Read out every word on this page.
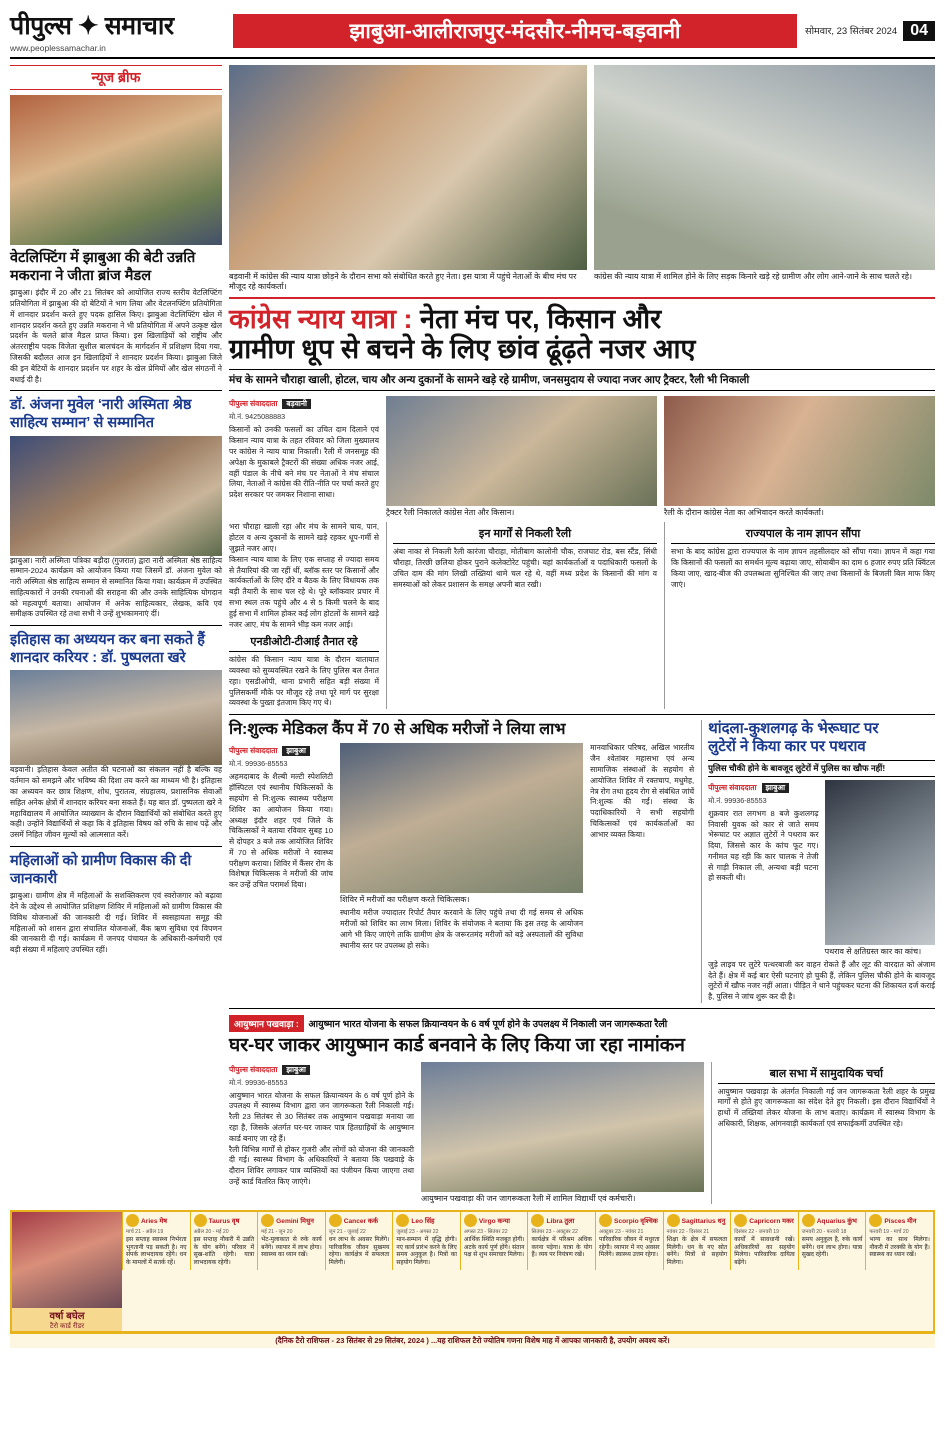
पीपुल्स ✦ समाचार
www.peoplessamachar.in
झाबुआ-आलीराजपुर-मंदसौर-नीमच-बड़वानी	सोमवार, 23 सितंबर 2024 04
न्यूज ब्रीफ
वेटलिफ्टिंग में झाबुआ की बेटी उन्नति मकराना ने जीता ब्रांज मैडल
झाबुआ। इंदौर में 20 और 21 सितंबर को आयोजित राज्य स्तरीय वेटलिफ्टिंग प्रतियोगिता में झाबुआ की दो बेटियों ने भाग लिया और वेटलनफ्टिंग प्रतियोगिता में शानदार प्रदर्शन करते हुए पदक हासिल किए। झाबुआ वेटलिफ्टिंग खेल में शानदार प्रदर्शन करते हुए उन्नति मकराना ने भी प्रतियोगिता में अपने उत्कृष्ट खेल प्रदर्शन के चलते ब्रांज मैडल प्राप्त किया। इस खिलाड़ियों को राष्ट्रीय और अंतरराष्ट्रीय पदक विजेता सुशील बालचंदन के मार्गदर्शन में प्रशिक्षण दिया गया, जिसकी बदौलत आज इन खिलाड़ियों ने शानदार प्रदर्शन किया। झाबुआ जिले की इन बेटियों के शानदार प्रदर्शन पर शहर के खेल प्रेमियों और खेल संगठनों ने बधाई दी है।
डॉ. अंजना मुवेल ‘नारी अस्मिता श्रेष्ठ साहित्य सम्मान’ से सम्मानित
झाबुआ। नारी अस्मिता पत्रिका बड़ौदा (गुजरात) द्वारा नारी अस्मिता श्रेष्ठ साहित्य सम्मान-2024 कार्यक्रम को आयोजन किया गया जिसमें डॉ. अंजना मुवेल को नारी अस्मिता श्रेष्ठ साहित्य सम्मान से सम्मानित किया गया। कार्यक्रम में उपस्थित साहित्यकारों ने उनकी रचनाओं की सराहना की और उनके साहित्यिक योगदान को महत्वपूर्ण बताया। आयोजन में अनेक साहित्यकार, लेखक, कवि एवं समीक्षक उपस्थित रहे तथा सभी ने उन्हें शुभकामनाएं दीं।
इतिहास का अध्ययन कर बना सकते हैं शानदार करियर : डॉ. पुष्पलता खरे
बड़वानी। इतिहास केवल अतीत की घटनाओं का संकलन नहीं है बल्कि वह वर्तमान को समझने और भविष्य की दिशा तय करने का माध्यम भी है। इतिहास का अध्ययन कर छात्र शिक्षण, शोध, पुरातत्व, संग्रहालय, प्रशासनिक सेवाओं सहित अनेक क्षेत्रों में शानदार करियर बना सकते हैं। यह बात डॉ. पुष्पलता खरे ने महाविद्यालय में आयोजित व्याख्यान के दौरान विद्यार्थियों को संबोधित करते हुए कही। उन्होंने विद्यार्थियों से कहा कि वे इतिहास विषय को रुचि के साथ पढ़ें और उसमें निहित जीवन मूल्यों को आत्मसात करें।
महिलाओं को ग्रामीण विकास की दी जानकारी
झाबुआ। ग्रामीण क्षेत्र में महिलाओं के सशक्तिकरण एवं स्वरोजगार को बढ़ावा देने के उद्देश्य से आयोजित प्रशिक्षण शिविर में महिलाओं को ग्रामीण विकास की विविध योजनाओं की जानकारी दी गई। शिविर में स्वसहायता समूह की महिलाओं को शासन द्वारा संचालित योजनाओं, बैंक ऋण सुविधा एवं विपणन की जानकारी दी गई। कार्यक्रम में जनपद पंचायत के अधिकारी-कर्मचारी एवं बड़ी संख्या में महिलाएं उपस्थित रहीं।
बड़वानी में कांग्रेस की न्याय यात्रा छोड़ने के दौरान सभा को संबोधित करते हुए नेता। इस यात्रा में पहुंचे नेताओं के बीच मंच पर मौजूद रहे कार्यकर्ता।
कांग्रेस की न्याय यात्रा में शामिल होने के लिए सड़क किनारे खड़े रहे ग्रामीण और लोग आने-जाने के साथ चलते रहे।
कांग्रेस न्याय यात्रा : नेता मंच पर, किसान और
ग्रामीण धूप से बचने के लिए छांव ढूंढ़ते नजर आए
मंच के सामने चौराहा खाली, होटल, चाय और अन्य दुकानों के सामने खड़े रहे ग्रामीण, जनसमुदाय से ज्यादा नजर आए ट्रैक्टर, रैली भी निकाली
पीपुल्स संवाददाता	बड़वानी
मो.नं. 9425088883
किसानों को उनकी फसलों का उचित दाम दिलाने एवं किसान न्याय यात्रा के तहत रविवार को जिला मुख्यालय पर कांग्रेस ने न्याय यात्रा निकाली। रैली में जनसमूह की अपेक्षा के मुकाबले ट्रैक्टरों की संख्या अधिक नजर आई, वहीं पंडाल के नीचे बने मंच पर नेताओं ने मंच संचाल लिया, नेताओं ने कांग्रेस की रीति-नीति पर चर्चा करते हुए प्रदेश सरकार पर जमकर निशाना साधा।
ट्रैक्टर रैली निकालते कांग्रेस नेता और किसान।	रैली के दौरान कांग्रेस नेता का अभिवादन करते कार्यकर्ता।
भरा चौराहा खाली रहा और मंच के सामने चाय, पान, होटल व अन्य दुकानों के सामने खड़े रहकर धूप-गर्मी से जुझते नजर आए।
किसान न्याय यात्रा के लिए एक सप्ताह से ज्यादा समय से तैयारियां की जा रहीं थीं, ब्लॉक स्तर पर किसानों और कार्यकर्ताओं के लिए दौरे व बैठक के लिए विधायक तक बड़ी तैयारी के साथ चल रहे थे। पूरे ब्लॉकवार प्रचार में सभा स्थल तक पहुंचे और 4 से 5 किमी चलने के बाद हुई सभा में शामिल होकर कई लोग होटलों के सामने खड़े नजर आए, मंच के सामने भीड़ कम नजर आई।
एनडीओटी-टीआई तैनात रहे
कांग्रेस की किसान न्याय यात्रा के दौरान यातायात व्यवस्था को सुव्यवस्थित रखने के लिए पुलिस बल तैनात रहा। एसडीओपी, थाना प्रभारी सहित बड़ी संख्या में पुलिसकर्मी मौके पर मौजूद रहे तथा पूरे मार्ग पर सुरक्षा व्यवस्था के पुख्ता इंतजाम किए गए थे।
इन मार्गों से निकली रैली
अंबा नाका से निकली रैली कारंजा चौराहा, मोतीबाग कालोनी चौक, राजघाट रोड, बस स्टैंड, सिंधी चौराहा, तिरछी छलिया होकर पुराने कलेक्टोरेट पहुंची। यहां कार्यकर्ताओं व पदाधिकारी फसलों के उचित दाम की मांग लिखी तख्तियां थामे चल रहे थे, वहीं मध्य प्रदेश के किसानों की मांग व समस्याओं को लेकर प्रशासन के समक्ष अपनी बात रखी।
राज्यपाल के नाम ज्ञापन सौंपा
सभा के बाद कांग्रेस द्वारा राज्यपाल के नाम ज्ञापन तहसीलदार को सौंपा गया। ज्ञापन में कहा गया कि किसानों की फसलों का समर्थन मूल्य बढ़ाया जाए, सोयाबीन का दाम 6 हजार रुपए प्रति क्विंटल किया जाए, खाद-बीज की उपलब्धता सुनिश्चित की जाए तथा किसानों के बिजली बिल माफ किए जाएं।
नि:शुल्क मेडिकल कैंप में 70 से अधिक मरीजों ने लिया लाभ
पीपुल्स संवाददाता	झाबुआ
मो.नं. 99936-85553
अहमदाबाद के शैल्बी मल्टी स्पेशलिटी हॉस्पिटल एवं स्थानीय चिकित्सकों के सहयोग से नि:शुल्क स्वास्थ्य परीक्षण शिविर का आयोजन किया गया। अध्यक्ष इंदौर शहर एवं जिले के चिकित्सकों ने बताया रविवार सुबह 10 से दोपहर 3 बजे तक आयोजित शिविर में 70 से अधिक मरीजों ने स्वास्थ्य परीक्षण कराया। शिविर में कैंसर रोग के विशेषज्ञ चिकित्सक ने मरीजों की जांच कर उन्हें उचित परामर्श दिया।
शिविर में मरीजों का परीक्षण करते चिकित्सक।
स्थानीय मरीज ज्यादातर रिपोर्ट तैयार करवाने के लिए पहुंचे तथा दी गई समय से अधिक मरीजों को शिविर का लाभ मिला। शिविर के संयोजक ने बताया कि इस तरह के आयोजन आगे भी किए जाएंगे ताकि ग्रामीण क्षेत्र के जरूरतमंद मरीजों को बड़े अस्पतालों की सुविधा स्थानीय स्तर पर उपलब्ध हो सके।
मानवाधिकार परिषद, अखिल भारतीय जैन श्वेतांबर महासभा एवं अन्य सामाजिक संस्थाओं के सहयोग से आयोजित शिविर में रक्तचाप, मधुमेह, नेत्र रोग तथा हृदय रोग से संबंधित जांचें नि:शुल्क की गईं। संस्था के पदाधिकारियों ने सभी सहयोगी चिकित्सकों एवं कार्यकर्ताओं का आभार व्यक्त किया।
थांदला-कुशलगढ़ के भेरूघाट पर
लुटेरों ने किया कार पर पथराव
पुलिस चौकी होने के बावजूद लुटेरों में पुलिस का खौफ नहीं!
पीपुल्स संवाददाता	झाबुआ
मो.नं. 99936-85553
शुक्रवार रात लगभग 8 बजे कुशलगढ़ निवासी युवक को कार से जाते समय भेरूघाट पर अज्ञात लुटेरों ने पथराव कर दिया, जिससे कार के कांच फूट गए। गनीमत यह रही कि कार चालक ने तेजी से गाड़ी निकाल ली, अन्यथा बड़ी घटना हो सकती थी।
पथराव से क्षतिग्रस्त कार का कांच।
जुड़े लाइव पर लुटेरे पत्थरबाजी कर वाहन रोकते हैं और लूट की वारदात को अंजाम देते हैं। क्षेत्र में कई बार ऐसी घटनाएं हो चुकी हैं, लेकिन पुलिस चौकी होने के बावजूद लुटेरों में खौफ नजर नहीं आता। पीड़ित ने थाने पहुंचकर घटना की शिकायत दर्ज कराई है, पुलिस ने जांच शुरू कर दी है।
आयुष्मान पखवाड़ा : आयुष्मान भारत योजना के सफल क्रियान्वयन के 6 वर्ष पूर्ण होने के उपलक्ष्य में निकाली जन जागरूकता रैली
घर-घर जाकर आयुष्मान कार्ड बनवाने के लिए किया जा रहा नामांकन
पीपुल्स संवाददाता	झाबुआ
मो.नं. 99936-85553
आयुष्मान भारत योजना के सफल क्रियान्वयन के 6 वर्ष पूर्ण होने के उपलक्ष्य में स्वास्थ्य विभाग द्वारा जन जागरूकता रैली निकाली गई। रैली 23 सितंबर से 30 सितंबर तक आयुष्मान पखवाड़ा मनाया जा रहा है, जिसके अंतर्गत घर-घर जाकर पात्र हितग्राहियों के आयुष्मान कार्ड बनाए जा रहे हैं।
रैली विभिन्न मार्गों से होकर गुजरी और लोगों को योजना की जानकारी दी गई। स्वास्थ्य विभाग के अधिकारियों ने बताया कि पखवाड़े के दौरान शिविर लगाकर पात्र व्यक्तियों का पंजीयन किया जाएगा तथा उन्हें कार्ड वितरित किए जाएंगे।
आयुष्मान पखवाड़ा की जन जागरूकता रैली में शामिल विद्यार्थी एवं कर्मचारी।
बाल सभा में सामुदायिक चर्चा
आयुष्मान पखवाड़ा के अंतर्गत निकाली गई जन जागरूकता रैली शहर के प्रमुख मार्गों से होते हुए जागरूकता का संदेश देते हुए निकली। इस दौरान विद्यार्थियों ने हाथों में तख्तियां लेकर योजना के लाभ बताए। कार्यक्रम में स्वास्थ्य विभाग के अधिकारी, शिक्षक, आंगनवाड़ी कार्यकर्ता एवं सफाईकर्मी उपस्थित रहे।
वर्षा बघेल
टैरो कार्ड रीडर
Aries मेष
मार्च 21 - अप्रैल 19
इस सप्ताह स्वास्थ्य निर्भरता भुगतानी पड़ सकती है। नए संपर्क लाभदायक रहेंगे। धन के मामलों में सतर्क रहें।
Taurus वृष
अप्रैल 20 - मई 20
इस सप्ताह नौकरी में उन्नति के योग बनेंगे। परिवार में सुख-शांति रहेगी। यात्रा लाभदायक रहेगी।
Gemini मिथुन
मई 21 - जून 20
भेंट-मुलाकात से रुके कार्य बनेंगे। व्यापार में लाभ होगा। स्वास्थ्य का ध्यान रखें।
Cancer कर्क
जून 21 - जुलाई 22
धन लाभ के अवसर मिलेंगे। पारिवारिक जीवन सुखमय रहेगा। कार्यक्षेत्र में सफलता मिलेगी।
Leo सिंह
जुलाई 23 - अगस्त 22
मान-सम्मान में वृद्धि होगी। नए कार्य प्रारंभ करने के लिए समय अनुकूल है। मित्रों का सहयोग मिलेगा।
Virgo कन्या
अगस्त 23 - सितंबर 22
आर्थिक स्थिति मजबूत होगी। अटके कार्य पूर्ण होंगे। संतान पक्ष से शुभ समाचार मिलेगा।
Libra तुला
सितंबर 23 - अक्टूबर 22
कार्यक्षेत्र में परिश्रम अधिक करना पड़ेगा। यात्रा के योग हैं। व्यय पर नियंत्रण रखें।
Scorpio वृश्चिक
अक्टूबर 23 - नवंबर 21
पारिवारिक जीवन में मधुरता रहेगी। व्यापार में नए अवसर मिलेंगे। स्वास्थ्य उत्तम रहेगा।
Sagittarius धनु
नवंबर 22 - दिसंबर 21
शिक्षा के क्षेत्र में सफलता मिलेगी। धन के नए स्रोत बनेंगे। मित्रों से सहयोग मिलेगा।
Capricorn मकर
दिसंबर 22 - जनवरी 19
कार्यों में सावधानी रखें। अधिकारियों का सहयोग मिलेगा। पारिवारिक दायित्व बढ़ेंगे।
Aquarius कुंभ
जनवरी 20 - फरवरी 18
समय अनुकूल है, रुके कार्य बनेंगे। धन लाभ होगा। यात्रा सुखद रहेगी।
Pisces मीन
फरवरी 19 - मार्च 20
भाग्य का साथ मिलेगा। नौकरी में तरक्की के योग हैं। स्वास्थ्य का ध्यान रखें।
(दैनिक टैरो राशिफल - 23 सितंबर से 29 सितंबर, 2024 ) ...यह राशिफल टैरो ज्योतिष गणना विशेष माह में आपका जानकारी है, उपयोग अवश्य करें।
